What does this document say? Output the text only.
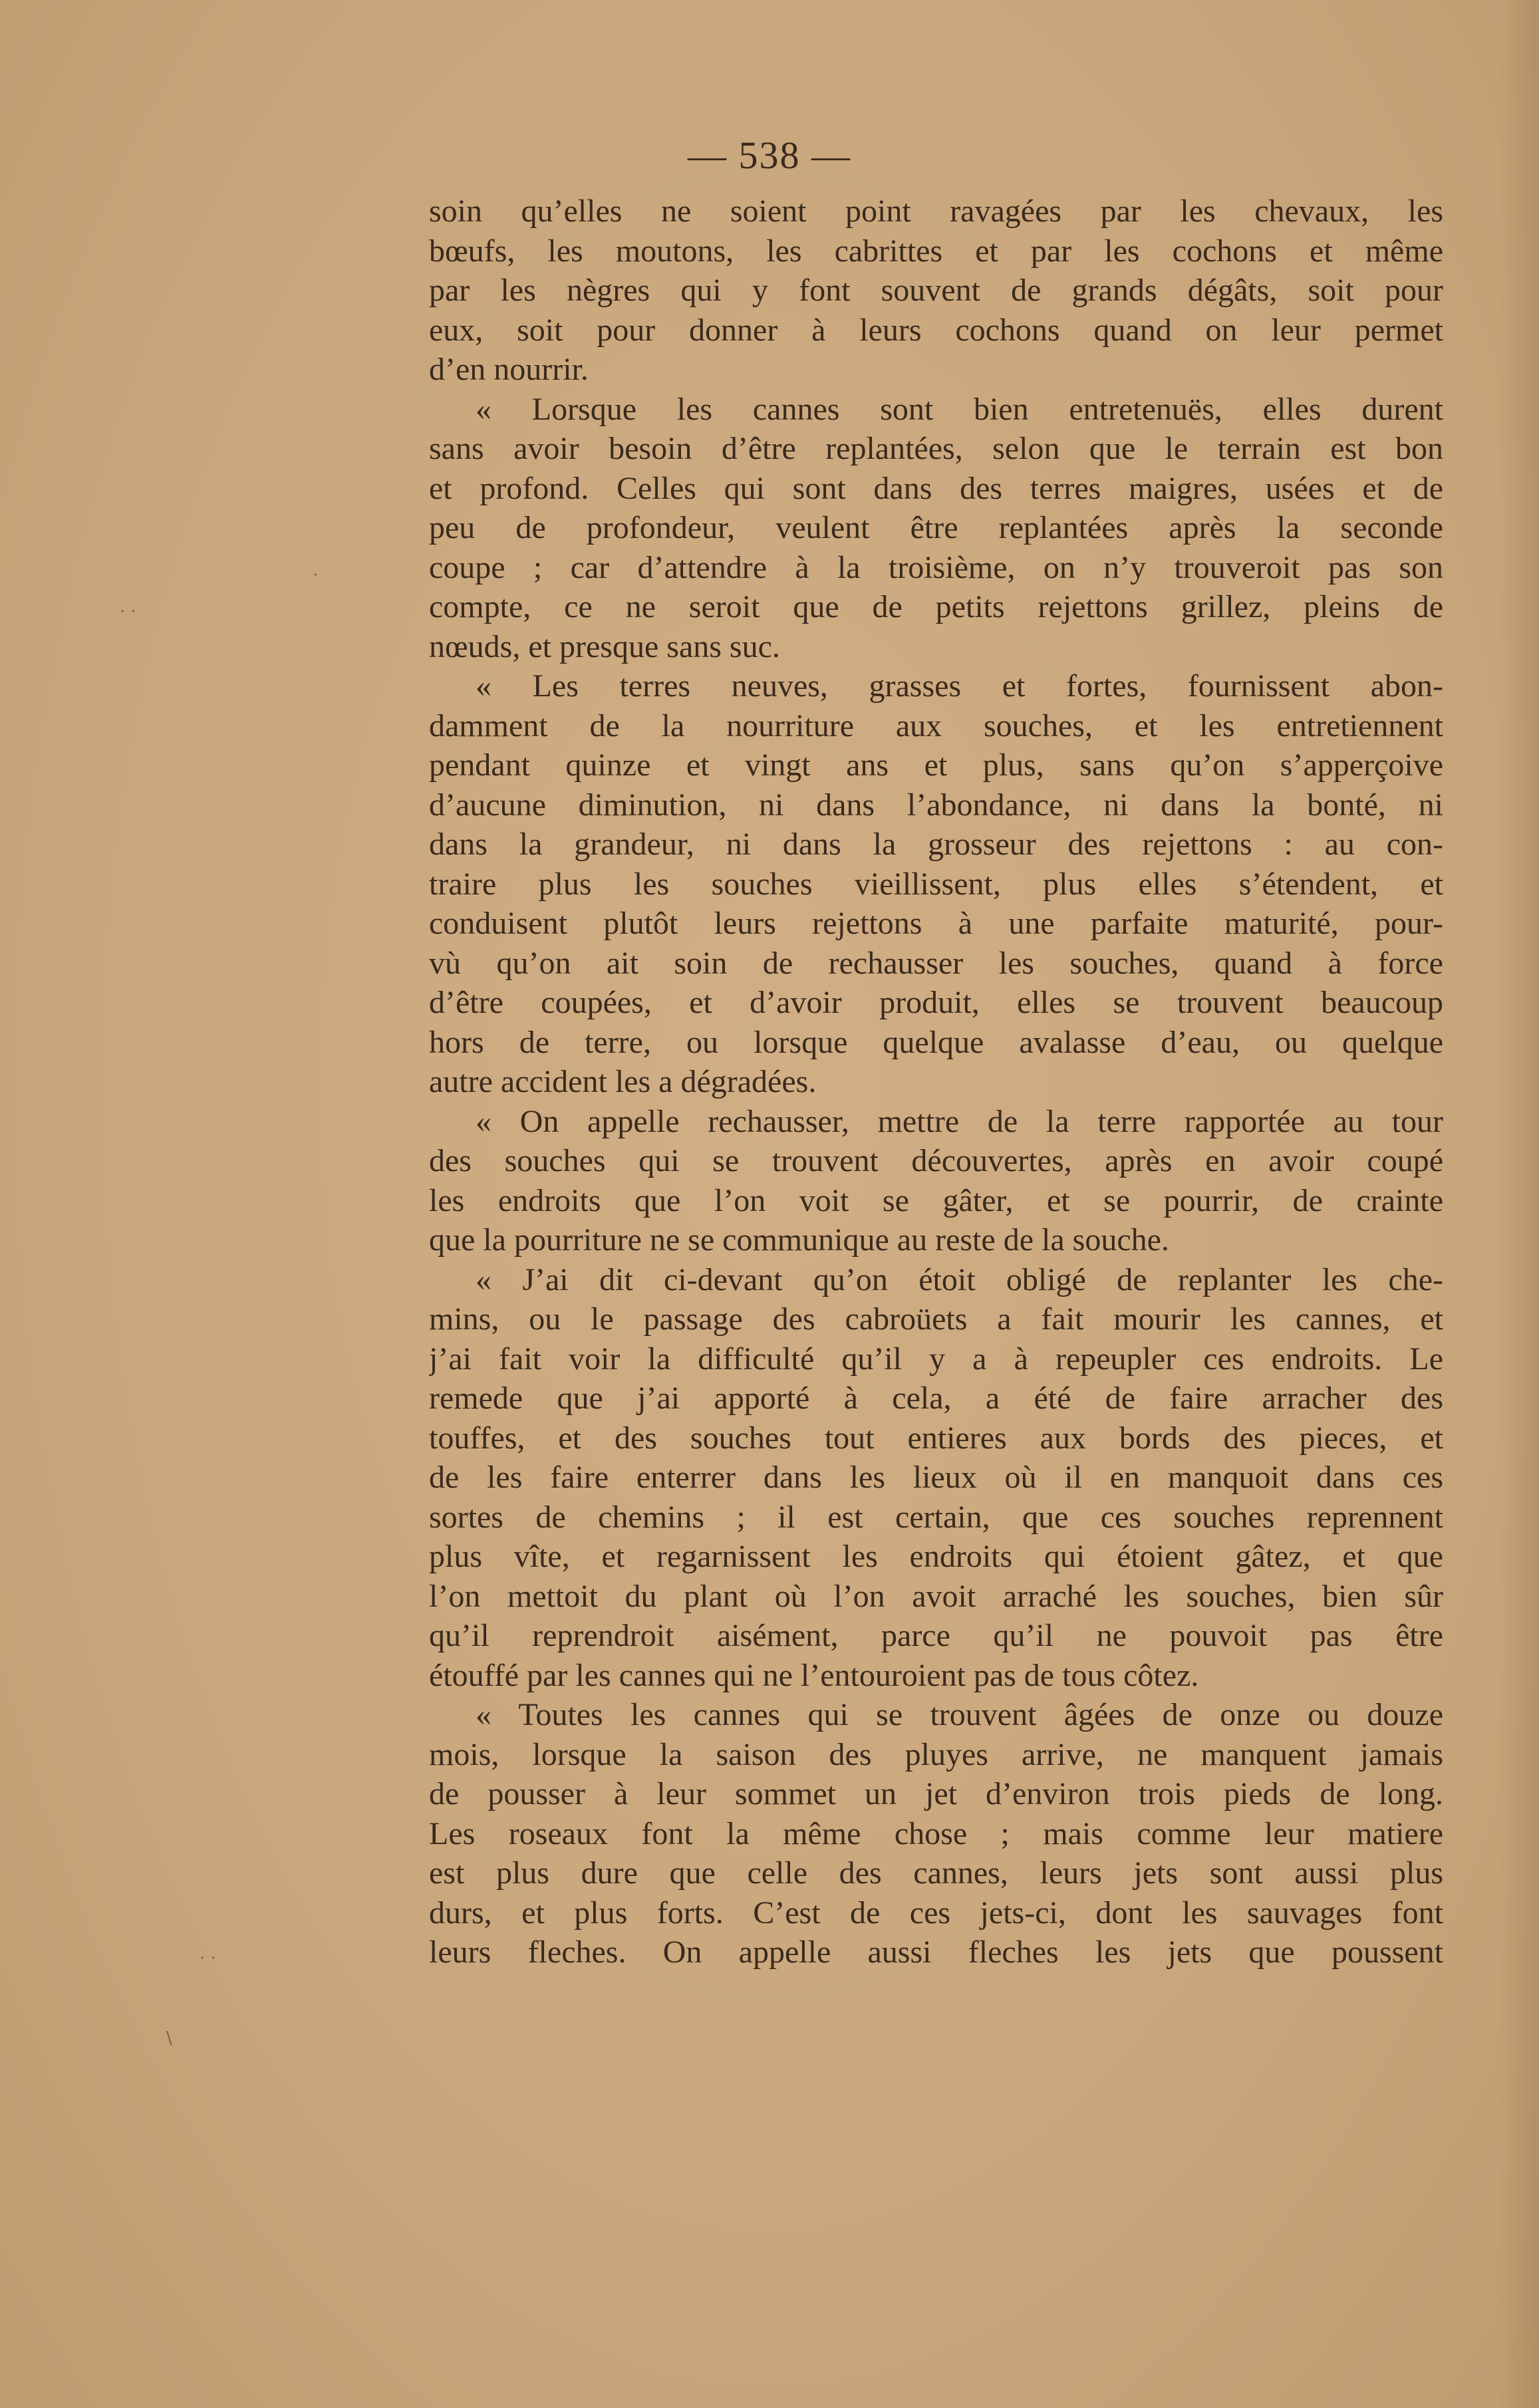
— 538 —
soin qu’elles ne soient point ravagées par les chevaux, les
bœufs, les moutons, les cabrittes et par les cochons et même
par les nègres qui y font souvent de grands dégâts, soit pour
eux, soit pour donner à leurs cochons quand on leur permet
d’en nourrir.
« Lorsque les cannes sont bien entretenuës, elles durent
sans avoir besoin d’être replantées, selon que le terrain est bon
et profond. Celles qui sont dans des terres maigres, usées et de
peu de profondeur, veulent être replantées après la seconde
coupe ; car d’attendre à la troisième, on n’y trouveroit pas son
compte, ce ne seroit que de petits rejettons grillez, pleins de
nœuds, et presque sans suc.
« Les terres neuves, grasses et fortes, fournissent abon-
damment de la nourriture aux souches, et les entretiennent
pendant quinze et vingt ans et plus, sans qu’on s’apperçoive
d’aucune diminution, ni dans l’abondance, ni dans la bonté, ni
dans la grandeur, ni dans la grosseur des rejettons : au con-
traire plus les souches vieillissent, plus elles s’étendent, et
conduisent plutôt leurs rejettons à une parfaite maturité, pour-
vù qu’on ait soin de rechausser les souches, quand à force
d’être coupées, et d’avoir produit, elles se trouvent beaucoup
hors de terre, ou lorsque quelque avalasse d’eau, ou quelque
autre accident les a dégradées.
« On appelle rechausser, mettre de la terre rapportée au tour
des souches qui se trouvent découvertes, après en avoir coupé
les endroits que l’on voit se gâter, et se pourrir, de crainte
que la pourriture ne se communique au reste de la souche.
« J’ai dit ci-devant qu’on étoit obligé de replanter les che-
mins, ou le passage des cabroüets a fait mourir les cannes, et
j’ai fait voir la difficulté qu’il y a à repeupler ces endroits. Le
remede que j’ai apporté à cela, a été de faire arracher des
touffes, et des souches tout entieres aux bords des pieces, et
de les faire enterrer dans les lieux où il en manquoit dans ces
sortes de chemins ; il est certain, que ces souches reprennent
plus vîte, et regarnissent les endroits qui étoient gâtez, et que
l’on mettoit du plant où l’on avoit arraché les souches, bien sûr
qu’il reprendroit aisément, parce qu’il ne pouvoit pas être
étouffé par les cannes qui ne l’entouroient pas de tous côtez.
« Toutes les cannes qui se trouvent âgées de onze ou douze
mois, lorsque la saison des pluyes arrive, ne manquent jamais
de pousser à leur sommet un jet d’environ trois pieds de long.
Les roseaux font la même chose ; mais comme leur matiere
est plus dure que celle des cannes, leurs jets sont aussi plus
durs, et plus forts. C’est de ces jets-ci, dont les sauvages font
leurs fleches. On appelle aussi fleches les jets que poussent
· ·
·
· ·
\
